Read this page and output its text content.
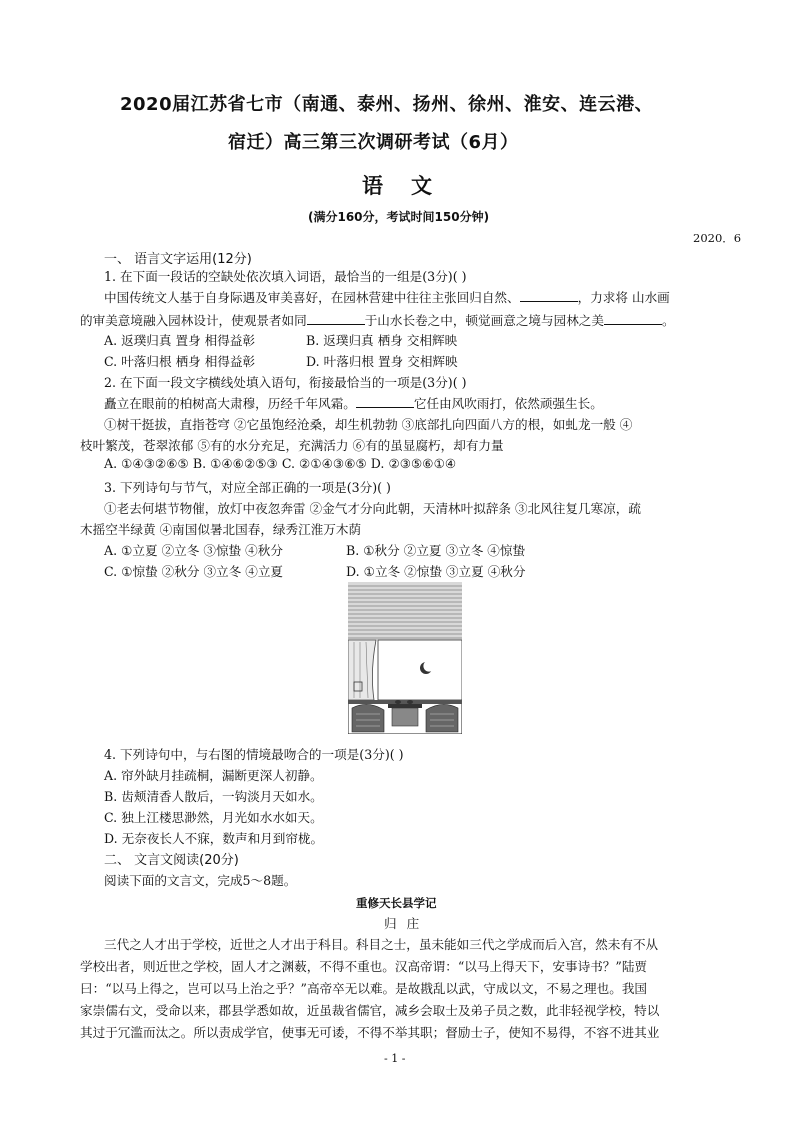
2020届江苏省七市（南通、泰州、扬州、徐州、淮安、连云港、
宿迁）高三第三次调研考试（6月）
语文
(满分160分，考试时间150分钟)
2020．6
一、 语言文字运用(12分)
1. 在下面一段话的空缺处依次填入词语，最恰当的一组是(3分)( )
中国传统文人基于自身际遇及审美喜好，在园林营建中往往主张回归自然、	，力求将 山水画
的审美意境融入园林设计，使观景者如同	于山水长卷之中，顿觉画意之境与园林之美	。
A. 返璞归真 置身 相得益彰	B. 返璞归真 栖身 交相辉映
C. 叶落归根 栖身 相得益彰	D. 叶落归根 置身 交相辉映
2. 在下面一段文字横线处填入语句，衔接最恰当的一项是(3分)( )
矗立在眼前的柏树高大肃穆，历经千年风霜。	它任由风吹雨打，依然顽强生长。
①树干挺拔，直指苍穹 ②它虽饱经沧桑，却生机勃勃 ③底部扎向四面八方的根，如虬龙一般 ④
枝叶繁茂，苍翠浓郁 ⑤有的水分充足，充满活力 ⑥有的虽显腐朽，却有力量
A. ①④③②⑥⑤ B. ①④⑥②⑤③ C. ②①④③⑥⑤ D. ②③⑤⑥①④
3. 下列诗句与节气，对应全部正确的一项是(3分)( )
①老去何堪节物催，放灯中夜忽奔雷 ②金气才分向此朝，天清林叶拟辞条 ③北风往复几寒凉，疏
木摇空半绿黄 ④南国似暑北国春，绿秀江淮万木荫
A. ①立夏 ②立冬 ③惊蛰 ④秋分	B. ①秋分 ②立夏 ③立冬 ④惊蛰
C. ①惊蛰 ②秋分 ③立冬 ④立夏	D. ①立冬 ②惊蛰 ③立夏 ④秋分
4. 下列诗句中，与右图的情境最吻合的一项是(3分)( )
A. 帘外缺月挂疏桐，漏断更深人初静。
B. 齿颊清香人散后，一钩淡月天如水。
C. 独上江楼思渺然，月光如水水如天。
D. 无奈夜长人不寐，数声和月到帘栊。
二、 文言文阅读(20分)
阅读下面的文言文，完成5～8题。
重修天长县学记
归庄
三代之人才出于学校，近世之人才出于科目。科目之士，虽未能如三代之学成而后入宫，然未有不从
学校出者，则近世之学校，固人才之渊薮，不得不重也。汉高帝谓：“以马上得天下，安事诗书？”陆贾
曰：“以马上得之，岂可以马上治之乎？”高帝卒无以难。是故戡乱以武，守成以文，不易之理也。我国
家崇儒右文，受命以来，郡县学悉如故，近虽裁省儒官，减乡会取士及弟子员之数，此非轻视学校，特以
其过于冗滥而汰之。所以责成学官，使事无可诿，不得不举其职；督励士子，使知不易得，不容不进其业
- 1 -
